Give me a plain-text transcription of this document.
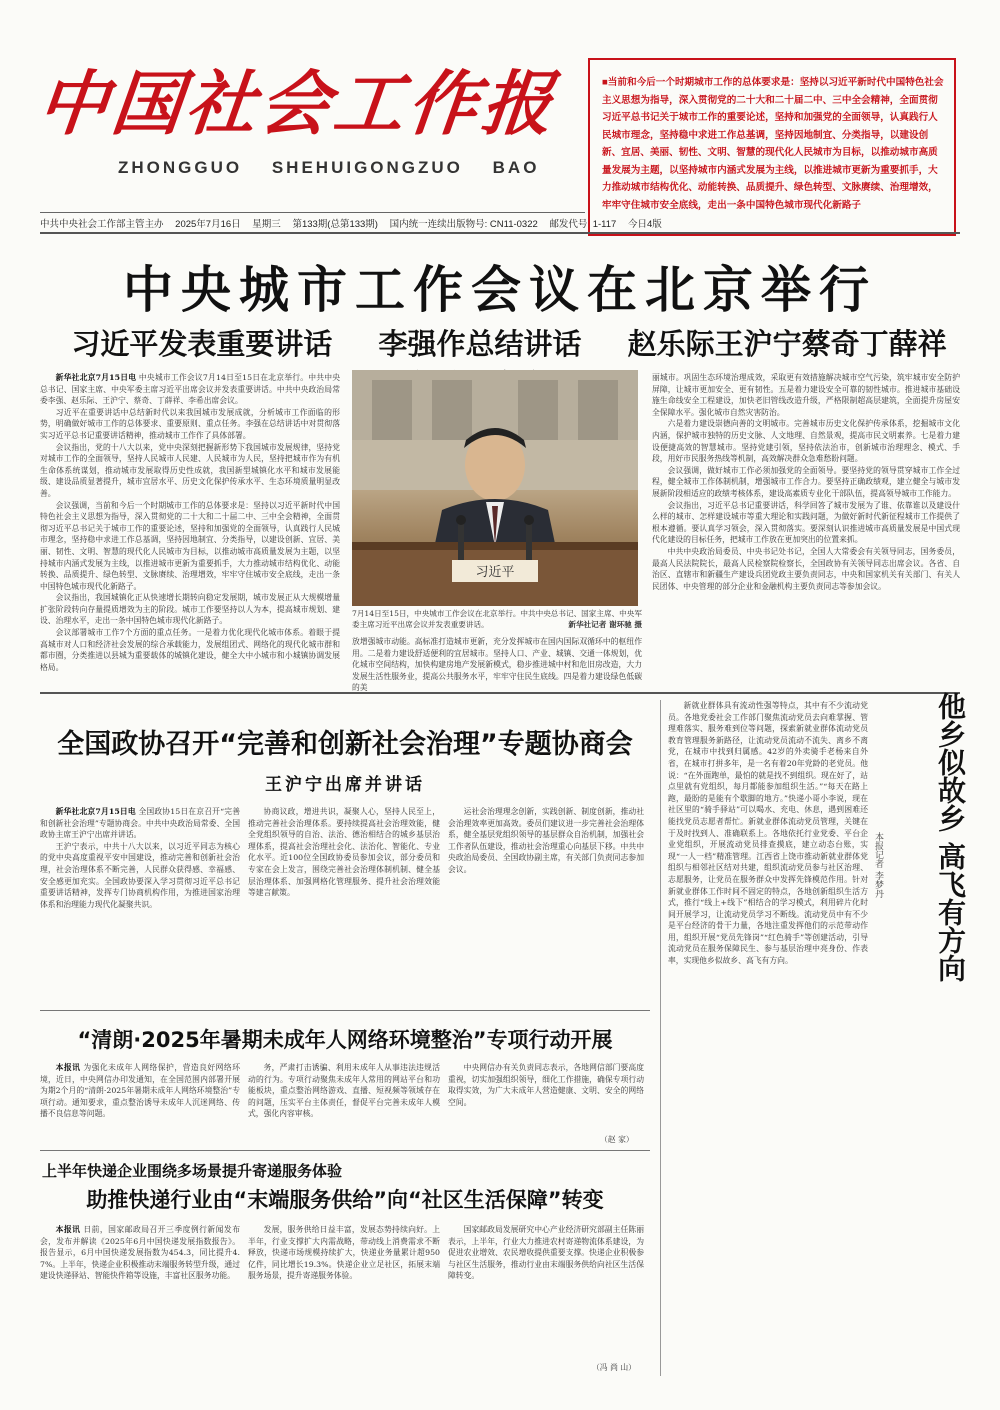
中国社会工作报
ZHONGGUO SHEHUIGONGZUO BAO
中共中央社会工作部主管主办 2025年7月16日 星期三 第133期(总第133期) 国内统一连续出版物号: CN11-0322 邮发代号: 1-117 今日4版
■当前和今后一个时期城市工作的总体要求是：坚持以习近平新时代中国特色社会主义思想为指导，深入贯彻党的二十大和二十届二中、三中全会精神，全面贯彻习近平总书记关于城市工作的重要论述，坚持和加强党的全面领导，认真践行人民城市理念，坚持稳中求进工作总基调，坚持因地制宜、分类指导，以建设创新、宜居、美丽、韧性、文明、智慧的现代化人民城市为目标，以推动城市高质量发展为主题，以坚持城市内涵式发展为主线，以推进城市更新为重要抓手，大力推动城市结构优化、动能转换、品质提升、绿色转型、文脉赓续、治理增效，牢牢守住城市安全底线，走出一条中国特色城市现代化新路子
中央城市工作会议在北京举行
习近平发表重要讲话 李强作总结讲话 赵乐际王沪宁蔡奇丁薛祥

新华社北京7月15日电 中央城市工作会议7月14日至15日在北京举行。中共中央总书记、国家主席、中央军委主席习近平出席会议并发表重要讲话。中共中央政治局常委李强、赵乐际、王沪宁、蔡奇、丁薛祥、李希出席会议。

习近平在重要讲话中总结新时代以来我国城市发展成就，分析城市工作面临的形势，明确做好城市工作的总体要求、重要原则、重点任务。李强在总结讲话中对贯彻落实习近平总书记重要讲话精神，推动城市工作作了具体部署。

会议指出，党的十八大以来，党中央深刻把握新形势下我国城市发展规律，坚持党对城市工作的全面领导，坚持人民城市人民建、人民城市为人民，坚持把城市作为有机生命体系统谋划，推动城市发展取得历史性成就，我国新型城镇化水平和城市发展能级、建设品质显著提升，城市宜居水平、历史文化保护传承水平、生态环境质量明显改善。

会议强调，当前和今后一个时期城市工作的总体要求是：坚持以习近平新时代中国特色社会主义思想为指导，深入贯彻党的二十大和二十届二中、三中全会精神，全面贯彻习近平总书记关于城市工作的重要论述，坚持和加强党的全面领导，认真践行人民城市理念，坚持稳中求进工作总基调，坚持因地制宜、分类指导，以建设创新、宜居、美丽、韧性、文明、智慧的现代化人民城市为目标，以推动城市高质量发展为主题，以坚持城市内涵式发展为主线，以推进城市更新为重要抓手，大力推动城市结构优化、动能转换、品质提升、绿色转型、文脉赓续、治理增效，牢牢守住城市安全底线，走出一条中国特色城市现代化新路子。

会议指出，我国城镇化正从快速增长期转向稳定发展期，城市发展正从大规模增量扩张阶段转向存量提质增效为主的阶段。城市工作要坚持以人为本，提高城市规划、建设、治理水平，走出一条中国特色城市现代化新路子。

会议部署城市工作7个方面的重点任务。一是着力优化现代化城市体系。着眼于提高城市对人口和经济社会发展的综合承载能力，发展组团式、网络化的现代化城市群和都市圈，分类推进以县城为重要载体的城镇化建设，健全大中小城市和小城镇协调发展格局。

习近平
7月14日至15日，中央城市工作会议在北京举行。中共中央总书记、国家主席、中央军委主席习近平出席会议并发表重要讲话。	新华社记者 谢环驰 摄
放增强城市动能。高标准打造城市更新，充分发挥城市在国内国际双循环中的枢纽作用。二是着力建设舒适便利的宜居城市。坚持人口、产业、城镇、交通一体规划，优化城市空间结构，加快构建房地产发展新模式，稳步推进城中村和危旧房改造，大力发展生活性服务业，提高公共服务水平，牢牢守住民生底线。四是着力建设绿色低碳的美

丽城市。巩固生态环境治理成效，采取更有效措施解决城市空气污染，筑牢城市安全防护屏障，让城市更加安全、更有韧性。五是着力建设安全可靠的韧性城市。推进城市基础设施生命线安全工程建设，加快老旧管线改造升级，严格限制超高层建筑，全面提升房屋安全保障水平。强化城市自然灾害防治。

六是着力建设崇德向善的文明城市。完善城市历史文化保护传承体系，挖掘城市文化内涵，保护城市独特的历史文脉、人文地理、自然景观，提高市民文明素养。七是着力建设便捷高效的智慧城市。坚持党建引领，坚持依法治市，创新城市治理理念、模式、手段，用好市民服务热线等机制，高效解决群众急难愁盼问题。

会议强调，做好城市工作必须加强党的全面领导。要坚持党的领导贯穿城市工作全过程，健全城市工作体制机制，增强城市工作合力。要坚持正确政绩观，建立健全与城市发展新阶段相适应的政绩考核体系，建设高素质专业化干部队伍，提高领导城市工作能力。

会议指出，习近平总书记重要讲话，科学回答了城市发展为了谁、依靠谁以及建设什么样的城市、怎样建设城市等重大理论和实践问题，为做好新时代新征程城市工作提供了根本遵循。要认真学习领会，深入贯彻落实。要深刻认识推进城市高质量发展是中国式现代化建设的目标任务，把城市工作放在更加突出的位置来抓。

中共中央政治局委员、中央书记处书记，全国人大常委会有关领导同志，国务委员，最高人民法院院长，最高人民检察院检察长，全国政协有关领导同志出席会议。各省、自治区、直辖市和新疆生产建设兵团党政主要负责同志，中央和国家机关有关部门、有关人民团体、中央管理的部分企业和金融机构主要负责同志等参加会议。

全国政协召开“完善和创新社会治理”专题协商会
王沪宁出席并讲话

新华社北京7月15日电 全国政协15日在京召开“完善和创新社会治理”专题协商会。中共中央政治局常委、全国政协主席王沪宁出席并讲话。

王沪宁表示，中共十八大以来，以习近平同志为核心的党中央高度重视平安中国建设，推动完善和创新社会治理，社会治理体系不断完善，人民群众获得感、幸福感、安全感更加充实。全国政协要深入学习贯彻习近平总书记重要讲话精神，发挥专门协商机构作用，为推进国家治理体系和治理能力现代化凝聚共识。

协商议政，增进共识，凝聚人心，坚持人民至上，推动完善社会治理体系。要持续提高社会治理效能，健全党组织领导的自治、法治、德治相结合的城乡基层治理体系，提高社会治理社会化、法治化、智能化、专业化水平。近100位全国政协委员参加会议，部分委员和专家在会上发言，围绕完善社会治理体制机制、健全基层治理体系、加强网格化管理服务、提升社会治理效能等建言献策。
运社会治理理念创新，实践创新、制度创新，推动社会治理效率更加高效。委员们建议进一步完善社会治理体系，健全基层党组织领导的基层群众自治机制，加强社会工作者队伍建设，推动社会治理重心向基层下移。中共中央政治局委员、全国政协副主席，有关部门负责同志参加会议。
“清朗·2025年暑期未成年人网络环境整治”专项行动开展

本报讯 为强化未成年人网络保护，营造良好网络环境，近日，中央网信办印发通知，在全国范围内部署开展为期2个月的“清朗·2025年暑期未成年人网络环境整治”专项行动。通知要求，重点整治诱导未成年人沉迷网络、传播不良信息等问题。

务，严肃打击诱骗、利用未成年人从事违法违规活动的行为。专项行动聚焦未成年人常用的网站平台和功能板块，重点整治网络游戏、直播、短视频等领域存在的问题，压实平台主体责任，督促平台完善未成年人模式，强化内容审核。
中央网信办有关负责同志表示，各地网信部门要高度重视，切实加强组织领导，细化工作措施，确保专项行动取得实效，为广大未成年人营造健康、文明、安全的网络空间。
（赵 家）
上半年快递企业围绕多场景提升寄递服务体验
助推快递行业由“末端服务供给”向“社区生活保障”转变

本报讯 日前，国家邮政局召开三季度例行新闻发布会，发布并解读《2025年6月中国快递发展指数报告》。报告显示，6月中国快递发展指数为454.3，同比提升4.7%。上半年，快递企业积极推动末端服务转型升级，通过建设快递驿站、智能快件箱等设施，丰富社区服务功能。

发展，服务供给日益丰富，发展态势持续向好。上半年，行业支撑扩大内需战略，带动线上消费需求不断释放，快递市场规模持续扩大，快递业务量累计超950亿件，同比增长19.3%。快递企业立足社区，拓展末端服务场景，提升寄递服务体验。
国家邮政局发展研究中心产业经济研究部副主任陈丽表示，上半年，行业大力推进农村寄递物流体系建设，为促进农业增效、农民增收提供重要支撑。快递企业积极参与社区生活服务，推动行业由末端服务供给向社区生活保障转变。
（冯 尚 山）
新就业群体具有流动性强等特点，其中有不少流动党员。各地党委社会工作部门聚焦流动党员去向难掌握、管理难落实、服务难到位等问题，探索新就业群体流动党员教育管理服务新路径，让流动党员流动不流失、离乡不离党，在城市中找到归属感。42岁的外卖骑手老杨来自外省，在城市打拼多年，是一名有着20年党龄的老党员。他说：“在外面跑单，最怕的就是找不到组织。现在好了，站点里就有党组织，每月都能参加组织生活。”“每天在路上跑，最盼的是能有个歇脚的地方。”快递小哥小李说，现在社区里的“骑手驿站”可以喝水、充电、休息，遇到困难还能找党员志愿者帮忙。新就业群体流动党员管理，关键在于及时找到人、准确联系上。各地依托行业党委、平台企业党组织，开展流动党员排查摸底，建立动态台账，实现“一人一档”精准管理。江西省上饶市推动新就业群体党组织与相邻社区结对共建，组织流动党员参与社区治理、志愿服务，让党员在服务群众中发挥先锋模范作用。针对新就业群体工作时间不固定的特点，各地创新组织生活方式，推行“线上+线下”相结合的学习模式，利用碎片化时间开展学习，让流动党员学习不断线。流动党员中有不少是平台经济的骨干力量，各地注重发挥他们的示范带动作用，组织开展“党员先锋岗”“红色骑手”等创建活动，引导流动党员在服务保障民生、参与基层治理中亮身份、作表率，实现他乡似故乡、高飞有方向。	他乡似故乡 高飞有方向
本报记者 李梦丹
